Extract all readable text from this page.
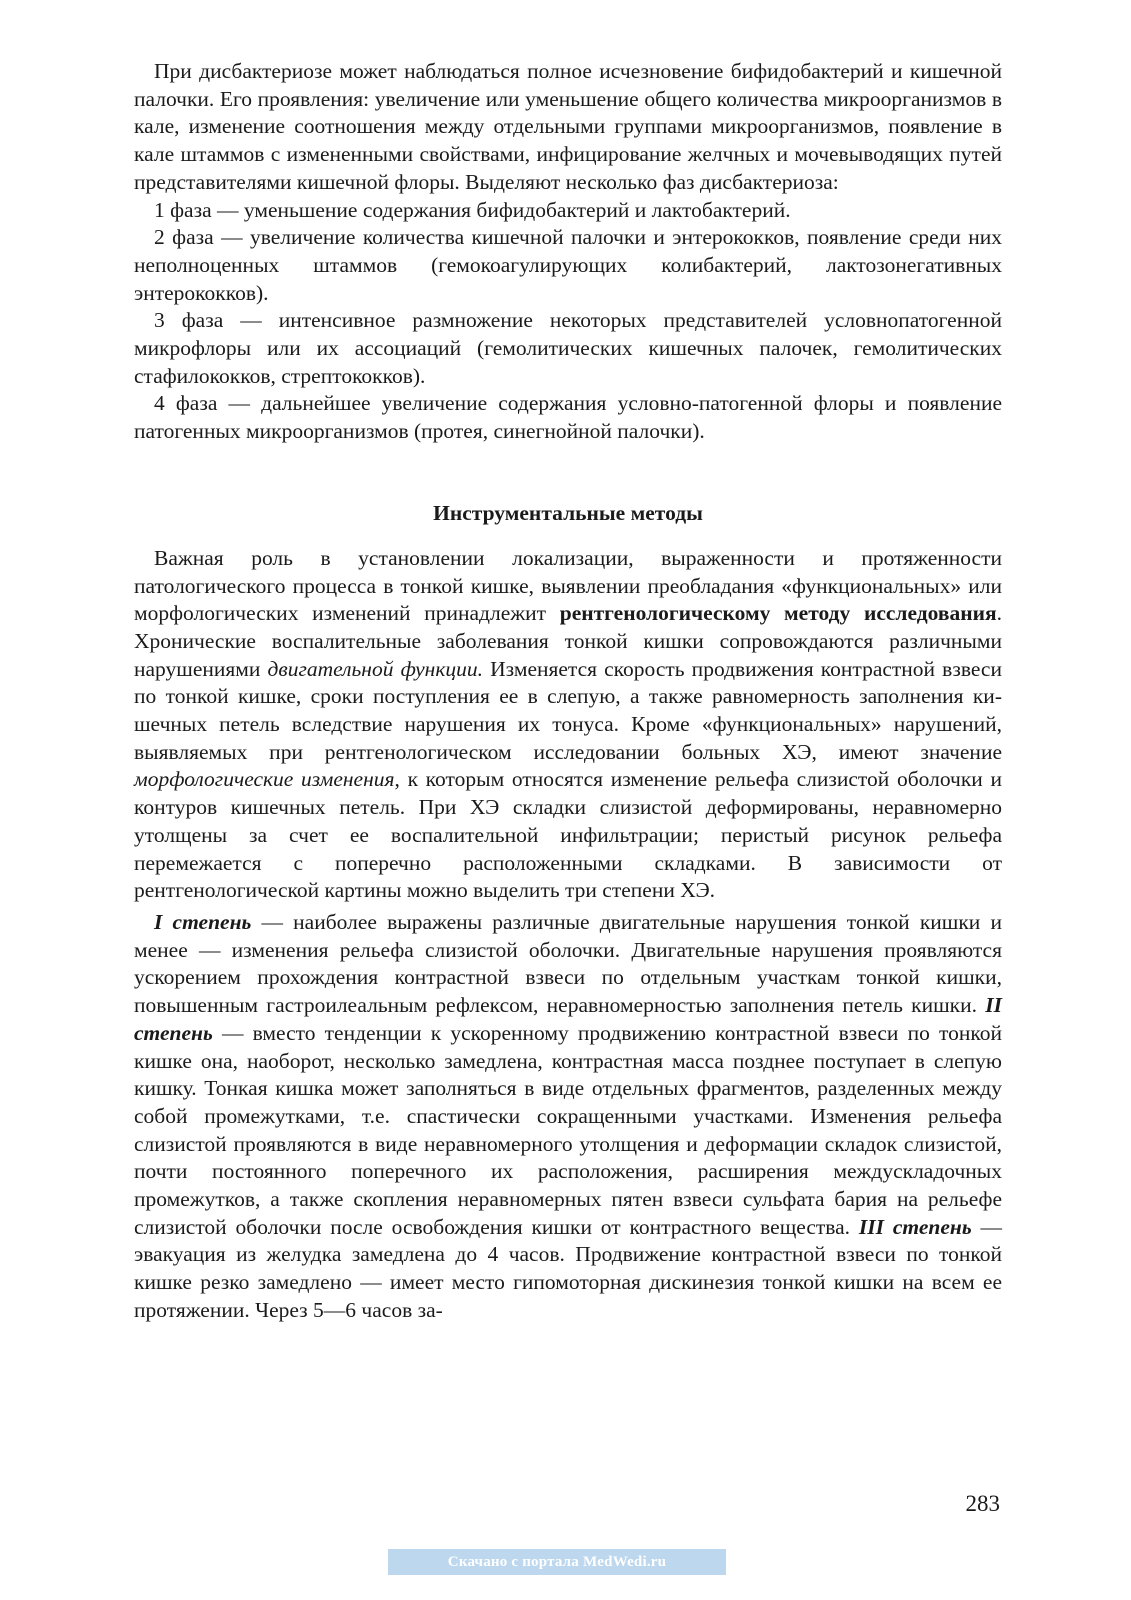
При дисбактериозе может наблюдаться полное исчезновение бифидобактерий и кишечной палочки. Его проявления: увеличение или уменьшение общего количества микроорганизмов в кале, изменение соотношения между отдельными группами микроорганизмов, появление в кале штаммов с измененными свойствами, инфицирование желчных и мочевыводящих путей представителями кишечной флоры. Выделяют несколько фаз дисбактериоза:

1 фаза — уменьшение содержания бифидобактерий и лактобактерий.

2 фаза — увеличение количества кишечной палочки и энтерококков, появление среди них неполноценных штаммов (гемокоагулирующих колибактерий, лактозонегативных энтерококков).

3 фаза — интенсивное размножение некоторых представителей условнопатогенной микрофлоры или их ассоциаций (гемолитических кишечных палочек, гемолитических стафилококков, стрептококков).

4 фаза — дальнейшее увеличение содержания условно-патогенной флоры и появление патогенных микроорганизмов (протея, синегнойной палочки).

Инструментальные методы

Важная роль в установлении локализации, выраженности и протяженности патологического процесса в тонкой кишке, выявлении преобладания «функциональных» или морфологических изменений принадлежит рентгенологическому методу исследования. Хронические воспалительные заболевания тонкой кишки сопровождаются различными нарушениями двигательной функции. Изменяется скорость продвижения контрастной взвеси по тонкой кишке, сроки поступления ее в слепую, а также равномерность заполнения кишечных петель вследствие нарушения их тонуса. Кроме «функциональных» нарушений, выявляемых при рентгенологическом исследовании больных ХЭ, имеют значение морфологические изменения, к которым относятся изменение рельефа слизистой оболочки и контуров кишечных петель. При ХЭ складки слизистой деформированы, неравномерно утолщены за счет ее воспалительной инфильтрации; перистый рисунок рельефа перемежается с поперечно расположенными складками. В зависимости от рентгенологической картины можно выделить три степени ХЭ.

I степень — наиболее выражены различные двигательные нарушения тонкой кишки и менее — изменения рельефа слизистой оболочки. Двигательные нарушения проявляются ускорением прохождения контрастной взвеси по отдельным участкам тонкой кишки, повышенным гастроилеальным рефлексом, неравномерностью заполнения петель кишки. II степень — вместо тенденции к ускоренному продвижению контрастной взвеси по тонкой кишке она, наоборот, несколько замедлена, контрастная масса позднее поступает в слепую кишку. Тонкая кишка может заполняться в виде отдельных фрагментов, разделенных между собой промежутками, т.е. спастически сокращенными участками. Изменения рельефа слизистой проявляются в виде неравномерного утолщения и деформации складок слизистой, почти постоянного поперечного их расположения, расширения междускладочных промежутков, а также скопления неравномерных пятен взвеси сульфата бария на рельефе слизистой оболочки после освобождения кишки от контрастного вещества. III степень — эвакуация из желудка замедлена до 4 часов. Продвижение контрастной взвеси по тонкой кишке резко замедлено — имеет место гипомоторная дискинезия тонкой кишки на всем ее протяжении. Через 5—6 часов за-

283
Скачано с портала MedWedi.ru
